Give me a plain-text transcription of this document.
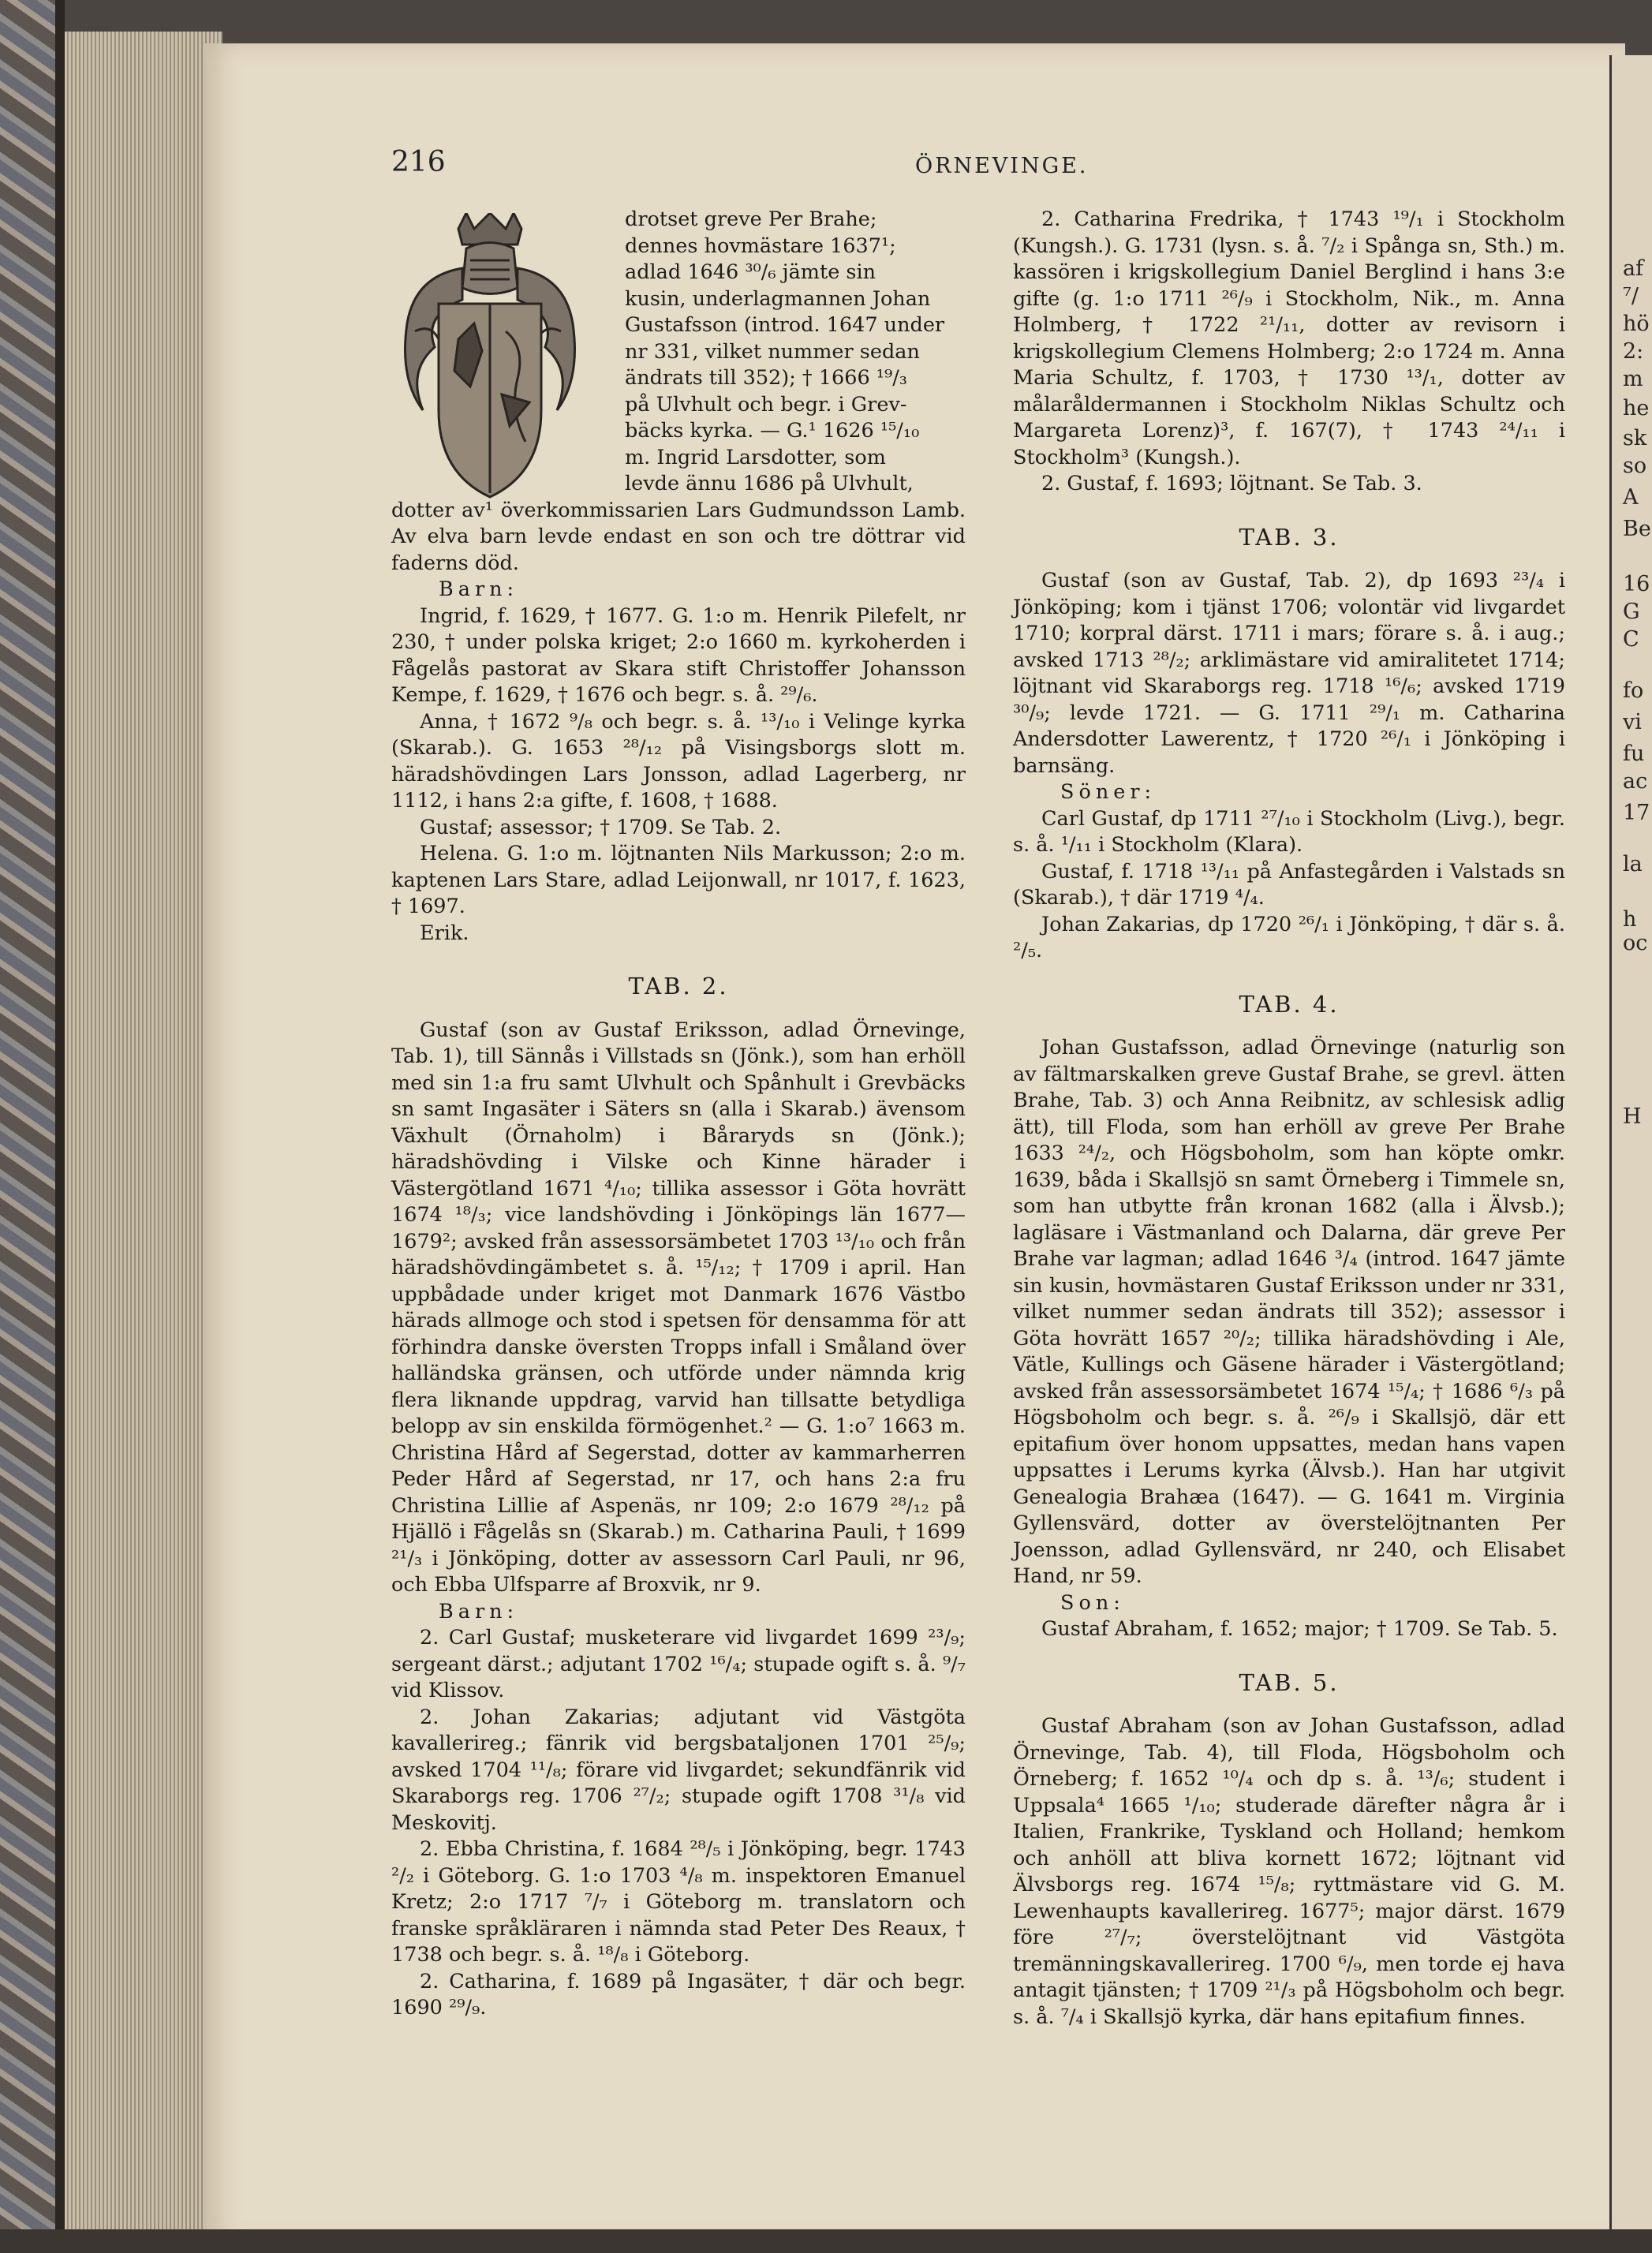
af
⁷/
hö
2:
m
he
sk
so
A
Be
16
G
C
fo
vi
fu
ac
17
la
h
oc
H
216	ÖRNEVINGE.

drotset greve Per Brahe;

dennes hovmästare 1637¹;

adlad 1646 ³⁰/₆ jämte sin

kusin, underlagmannen Johan

Gustafsson (introd. 1647 under

nr 331, vilket nummer sedan

ändrats till 352); † 1666 ¹⁹/₃

på Ulvhult och begr. i Grev-

bäcks kyrka. — G.¹ 1626 ¹⁵/₁₀

m. Ingrid Larsdotter, som

levde ännu 1686 på Ulvhult,

dotter av¹ överkommissarien Lars Gudmundsson Lamb. Av elva barn levde endast en son och tre döttrar vid faderns död.

Barn:

Ingrid, f. 1629, † 1677. G. 1:o m. Henrik Pilefelt, nr 230, † under polska kriget; 2:o 1660 m. kyrkoherden i Fågelås pastorat av Skara stift Christoffer Johansson Kempe, f. 1629, † 1676 och begr. s. å. ²⁹/₆.

Anna, † 1672 ⁹/₈ och begr. s. å. ¹³/₁₀ i Velinge kyrka (Skarab.). G. 1653 ²⁸/₁₂ på Visingsborgs slott m. häradshövdingen Lars Jonsson, adlad Lagerberg, nr 1112, i hans 2:a gifte, f. 1608, † 1688.

Gustaf; assessor; † 1709. Se Tab. 2.

Helena. G. 1:o m. löjtnanten Nils Markusson; 2:o m. kaptenen Lars Stare, adlad Leijonwall, nr 1017, f. 1623, † 1697.

Erik.

TAB. 2.

Gustaf (son av Gustaf Eriksson, adlad Örnevinge, Tab. 1), till Sännås i Villstads sn (Jönk.), som han erhöll med sin 1:a fru samt Ulvhult och Spånhult i Grevbäcks sn samt Ingasäter i Säters sn (alla i Skarab.) ävensom Växhult (Örnaholm) i Båraryds sn (Jönk.); häradshövding i Vilske och Kinne härader i Västergötland 1671 ⁴/₁₀; tillika assessor i Göta hovrätt 1674 ¹⁸/₃; vice landshövding i Jönköpings län 1677—1679²; avsked från assessorsämbetet 1703 ¹³/₁₀ och från häradshövdingämbetet s. å. ¹⁵/₁₂; † 1709 i april. Han uppbådade under kriget mot Danmark 1676 Västbo härads allmoge och stod i spetsen för densamma för att förhindra danske översten Tropps infall i Småland över halländska gränsen, och utförde under nämnda krig flera liknande uppdrag, varvid han tillsatte betydliga belopp av sin enskilda förmögenhet.² — G. 1:o⁷ 1663 m. Christina Hård af Segerstad, dotter av kammarherren Peder Hård af Segerstad, nr 17, och hans 2:a fru Christina Lillie af Aspenäs, nr 109; 2:o 1679 ²⁸/₁₂ på Hjällö i Fågelås sn (Skarab.) m. Catharina Pauli, † 1699 ²¹/₃ i Jönköping, dotter av assessorn Carl Pauli, nr 96, och Ebba Ulfsparre af Broxvik, nr 9.

Barn:

2. Carl Gustaf; musketerare vid livgardet 1699 ²³/₉; sergeant därst.; adjutant 1702 ¹⁶/₄; stupade ogift s. å. ⁹/₇ vid Klissov.

2. Johan Zakarias; adjutant vid Västgöta kavallerireg.; fänrik vid bergsbataljonen 1701 ²⁵/₉; avsked 1704 ¹¹/₈; förare vid livgardet; sekundfänrik vid Skaraborgs reg. 1706 ²⁷/₂; stupade ogift 1708 ³¹/₈ vid Meskovitj.

2. Ebba Christina, f. 1684 ²⁸/₅ i Jönköping, begr. 1743 ²/₂ i Göteborg. G. 1:o 1703 ⁴/₈ m. inspektoren Emanuel Kretz; 2:o 1717 ⁷/₇ i Göteborg m. translatorn och franske språkläraren i nämnda stad Peter Des Reaux, † 1738 och begr. s. å. ¹⁸/₈ i Göteborg.

2. Catharina, f. 1689 på Ingasäter, † där och begr. 1690 ²⁹/₉.

2. Catharina Fredrika, † 1743 ¹⁹/₁ i Stockholm (Kungsh.). G. 1731 (lysn. s. å. ⁷/₂ i Spånga sn, Sth.) m. kassören i krigskollegium Daniel Berglind i hans 3:e gifte (g. 1:o 1711 ²⁶/₉ i Stockholm, Nik., m. Anna Holmberg, † 1722 ²¹/₁₁, dotter av revisorn i krigskollegium Clemens Holmberg; 2:o 1724 m. Anna Maria Schultz, f. 1703, † 1730 ¹³/₁, dotter av målaråldermannen i Stockholm Niklas Schultz och Margareta Lorenz)³, f. 167(7), † 1743 ²⁴/₁₁ i Stockholm³ (Kungsh.).

2. Gustaf, f. 1693; löjtnant. Se Tab. 3.

TAB. 3.

Gustaf (son av Gustaf, Tab. 2), dp 1693 ²³/₄ i Jönköping; kom i tjänst 1706; volontär vid livgardet 1710; korpral därst. 1711 i mars; förare s. å. i aug.; avsked 1713 ²⁸/₂; arklimästare vid amiralitetet 1714; löjtnant vid Skaraborgs reg. 1718 ¹⁶/₆; avsked 1719 ³⁰/₉; levde 1721. — G. 1711 ²⁹/₁ m. Catharina Andersdotter Lawerentz, † 1720 ²⁶/₁ i Jönköping i barnsäng.

Söner:

Carl Gustaf, dp 1711 ²⁷/₁₀ i Stockholm (Livg.), begr. s. å. ¹/₁₁ i Stockholm (Klara).

Gustaf, f. 1718 ¹³/₁₁ på Anfastegården i Valstads sn (Skarab.), † där 1719 ⁴/₄.

Johan Zakarias, dp 1720 ²⁶/₁ i Jönköping, † där s. å. ²/₅.

TAB. 4.

Johan Gustafsson, adlad Örnevinge (naturlig son av fältmarskalken greve Gustaf Brahe, se grevl. ätten Brahe, Tab. 3) och Anna Reibnitz, av schlesisk adlig ätt), till Floda, som han erhöll av greve Per Brahe 1633 ²⁴/₂, och Högsboholm, som han köpte omkr. 1639, båda i Skallsjö sn samt Örneberg i Timmele sn, som han utbytte från kronan 1682 (alla i Älvsb.); lagläsare i Västmanland och Dalarna, där greve Per Brahe var lagman; adlad 1646 ³/₄ (introd. 1647 jämte sin kusin, hovmästaren Gustaf Eriksson under nr 331, vilket nummer sedan ändrats till 352); assessor i Göta hovrätt 1657 ²⁰/₂; tillika häradshövding i Ale, Vätle, Kullings och Gäsene härader i Västergötland; avsked från assessorsämbetet 1674 ¹⁵/₄; † 1686 ⁶/₃ på Högsboholm och begr. s. å. ²⁶/₉ i Skallsjö, där ett epitafium över honom uppsattes, medan hans vapen uppsattes i Lerums kyrka (Älvsb.). Han har utgivit Genealogia Brahæa (1647). — G. 1641 m. Virginia Gyllensvärd, dotter av överstelöjtnanten Per Joensson, adlad Gyllensvärd, nr 240, och Elisabet Hand, nr 59.

Son:

Gustaf Abraham, f. 1652; major; † 1709. Se Tab. 5.

TAB. 5.

Gustaf Abraham (son av Johan Gustafsson, adlad Örnevinge, Tab. 4), till Floda, Högsboholm och Örneberg; f. 1652 ¹⁰/₄ och dp s. å. ¹³/₆; student i Uppsala⁴ 1665 ¹/₁₀; studerade därefter några år i Italien, Frankrike, Tyskland och Holland; hemkom och anhöll att bliva kornett 1672; löjtnant vid Älvsborgs reg. 1674 ¹⁵/₈; ryttmästare vid G. M. Lewenhaupts kavallerireg. 1677⁵; major därst. 1679 före ²⁷/₇; överstelöjtnant vid Västgöta tremänningskavallerireg. 1700 ⁶/₉, men torde ej hava antagit tjänsten; † 1709 ²¹/₃ på Högsboholm och begr. s. å. ⁷/₄ i Skallsjö kyrka, där hans epitafium finnes.
